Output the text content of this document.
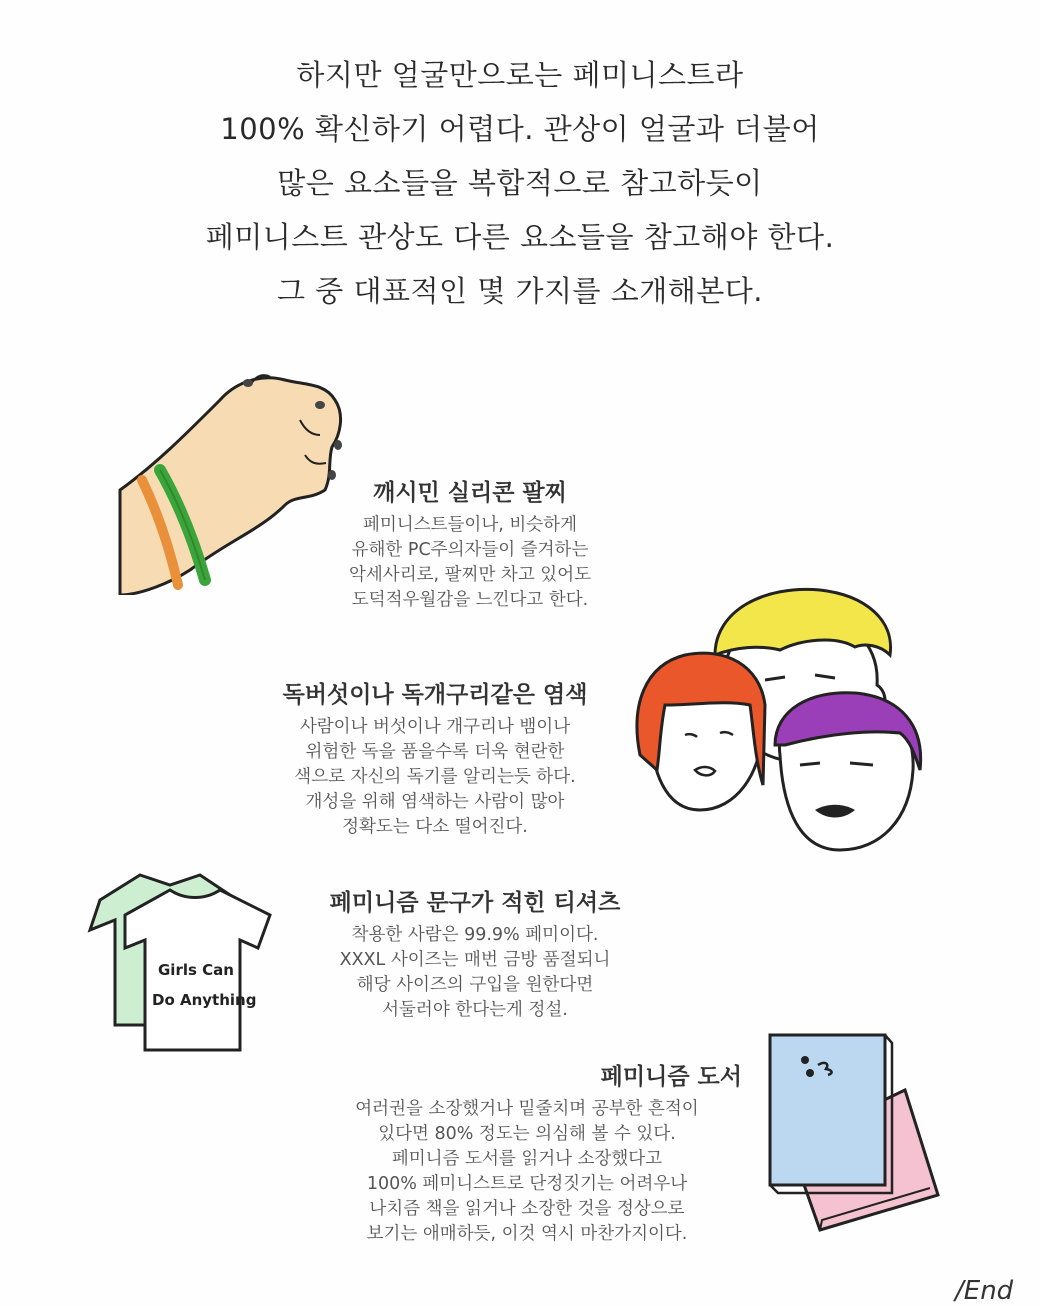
하지만 얼굴만으로는 페미니스트라
100% 확신하기 어렵다. 관상이 얼굴과 더불어
많은 요소들을 복합적으로 참고하듯이
페미니스트 관상도 다른 요소들을 참고해야 한다.
그 중 대표적인 몇 가지를 소개해본다.
깨시민 실리콘 팔찌
페미니스트들이나, 비슷하게
유해한 PC주의자들이 즐겨하는
악세사리로, 팔찌만 차고 있어도
도덕적우월감을 느낀다고 한다.
독버섯이나 독개구리같은 염색
사람이나 버섯이나 개구리나 뱀이나
위험한 독을 품을수록 더욱 현란한
색으로 자신의 독기를 알리는듯 하다.
개성을 위해 염색하는 사람이 많아
정확도는 다소 떨어진다.
Girls Can
Do Anything
페미니즘 문구가 적힌 티셔츠
착용한 사람은 99.9% 페미이다.
XXXL 사이즈는 매번 금방 품절되니
해당 사이즈의 구입을 원한다면
서둘러야 한다는게 정설.
페미니즘 도서
여러권을 소장했거나 밑줄치며 공부한 흔적이
있다면 80% 정도는 의심해 볼 수 있다.
페미니즘 도서를 읽거나 소장했다고
100% 페미니스트로 단정짓기는 어려우나
나치즘 책을 읽거나 소장한 것을 정상으로
보기는 애매하듯, 이것 역시 마찬가지이다.
/End
